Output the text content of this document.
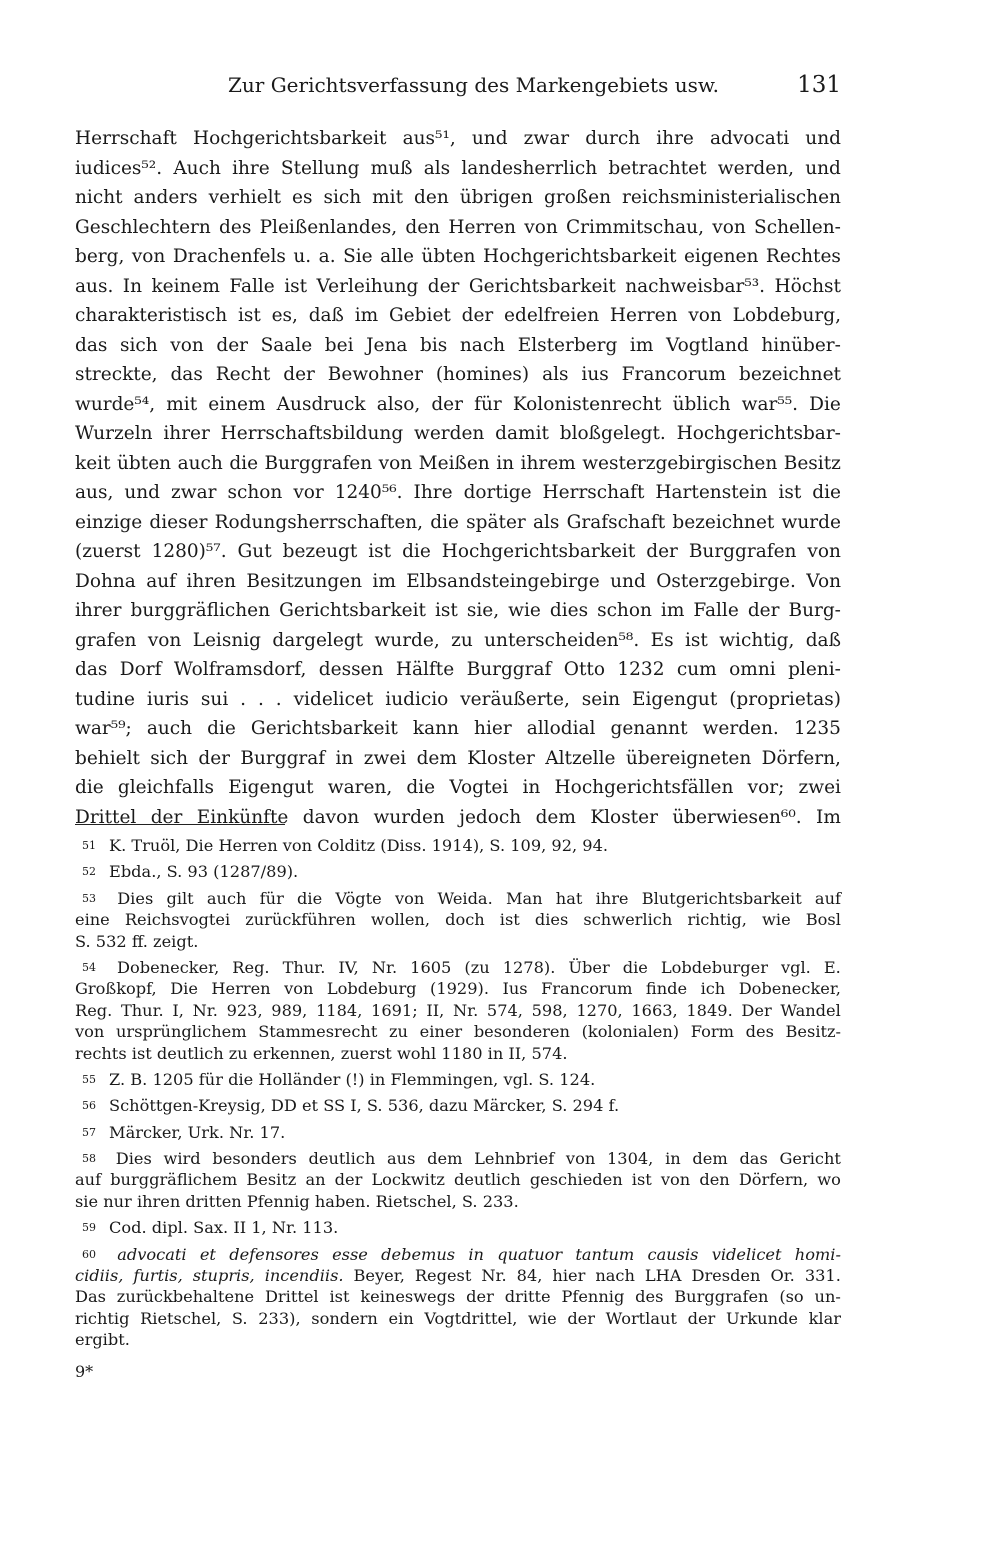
Zur Gerichtsverfassung des Markengebiets usw.	131
Herrschaft Hochgerichtsbarkeit aus⁵¹, und zwar durch ihre advocati und
iudices⁵². Auch ihre Stellung muß als landesherrlich betrachtet werden, und
nicht anders verhielt es sich mit den übrigen großen reichsministerialischen
Geschlechtern des Pleißenlandes, den Herren von Crimmitschau, von Schellen-
berg, von Drachenfels u. a. Sie alle übten Hochgerichtsbarkeit eigenen Rechtes
aus. In keinem Falle ist Verleihung der Gerichtsbarkeit nachweisbar⁵³. Höchst
charakteristisch ist es, daß im Gebiet der edelfreien Herren von Lobdeburg,
das sich von der Saale bei Jena bis nach Elsterberg im Vogtland hinüber-
streckte, das Recht der Bewohner (homines) als ius Francorum bezeichnet
wurde⁵⁴, mit einem Ausdruck also, der für Kolonistenrecht üblich war⁵⁵. Die
Wurzeln ihrer Herrschaftsbildung werden damit bloßgelegt. Hochgerichtsbar-
keit übten auch die Burggrafen von Meißen in ihrem westerzgebirgischen Besitz
aus, und zwar schon vor 1240⁵⁶. Ihre dortige Herrschaft Hartenstein ist die
einzige dieser Rodungsherrschaften, die später als Grafschaft bezeichnet wurde
(zuerst 1280)⁵⁷. Gut bezeugt ist die Hochgerichtsbarkeit der Burggrafen von
Dohna auf ihren Besitzungen im Elbsandsteingebirge und Osterzgebirge. Von
ihrer burggräflichen Gerichtsbarkeit ist sie, wie dies schon im Falle der Burg-
grafen von Leisnig dargelegt wurde, zu unterscheiden⁵⁸. Es ist wichtig, daß
das Dorf Wolframsdorf, dessen Hälfte Burggraf Otto 1232 cum omni pleni-
tudine iuris sui . . . videlicet iudicio veräußerte, sein Eigengut (proprietas)
war⁵⁹; auch die Gerichtsbarkeit kann hier allodial genannt werden. 1235
behielt sich der Burggraf in zwei dem Kloster Altzelle übereigneten Dörfern,
die gleichfalls Eigengut waren, die Vogtei in Hochgerichtsfällen vor; zwei
Drittel der Einkünfte davon wurden jedoch dem Kloster überwiesen⁶⁰. Im
51 K. Truöl, Die Herren von Colditz (Diss. 1914), S. 109, 92, 94.
52 Ebda., S. 93 (1287/89).
53	Dies gilt auch für die Vögte von Weida. Man hat ihre Blutgerichtsbarkeit auf
eine Reichsvogtei zurückführen wollen, doch ist dies schwerlich richtig, wie Bosl
S. 532 ff. zeigt.
54	Dobenecker, Reg. Thur. IV, Nr. 1605 (zu 1278). Über die Lobdeburger vgl. E.
Großkopf, Die Herren von Lobdeburg (1929). Ius Francorum finde ich Dobenecker,
Reg. Thur. I, Nr. 923, 989, 1184, 1691; II, Nr. 574, 598, 1270, 1663, 1849. Der Wandel
von ursprünglichem Stammesrecht zu einer besonderen (kolonialen) Form des Besitz-
rechts ist deutlich zu erkennen, zuerst wohl 1180 in II, 574.
55 Z. B. 1205 für die Holländer (!) in Flemmingen, vgl. S. 124.
56 Schöttgen-Kreysig, DD et SS I, S. 536, dazu Märcker, S. 294 f.
57 Märcker, Urk. Nr. 17.
58	Dies wird besonders deutlich aus dem Lehnbrief von 1304, in dem das Gericht
auf burggräflichem Besitz an der Lockwitz deutlich geschieden ist von den Dörfern, wo
sie nur ihren dritten Pfennig haben. Rietschel, S. 233.
59 Cod. dipl. Sax. II 1, Nr. 113.
60	advocati et defensores esse debemus in quatuor tantum causis videlicet homi-
cidiis, furtis, stupris, incendiis. Beyer, Regest Nr. 84, hier nach LHA Dresden Or. 331.
Das zurückbehaltene Drittel ist keineswegs der dritte Pfennig des Burggrafen (so un-
richtig Rietschel, S. 233), sondern ein Vogtdrittel, wie der Wortlaut der Urkunde klar
ergibt.
9*
